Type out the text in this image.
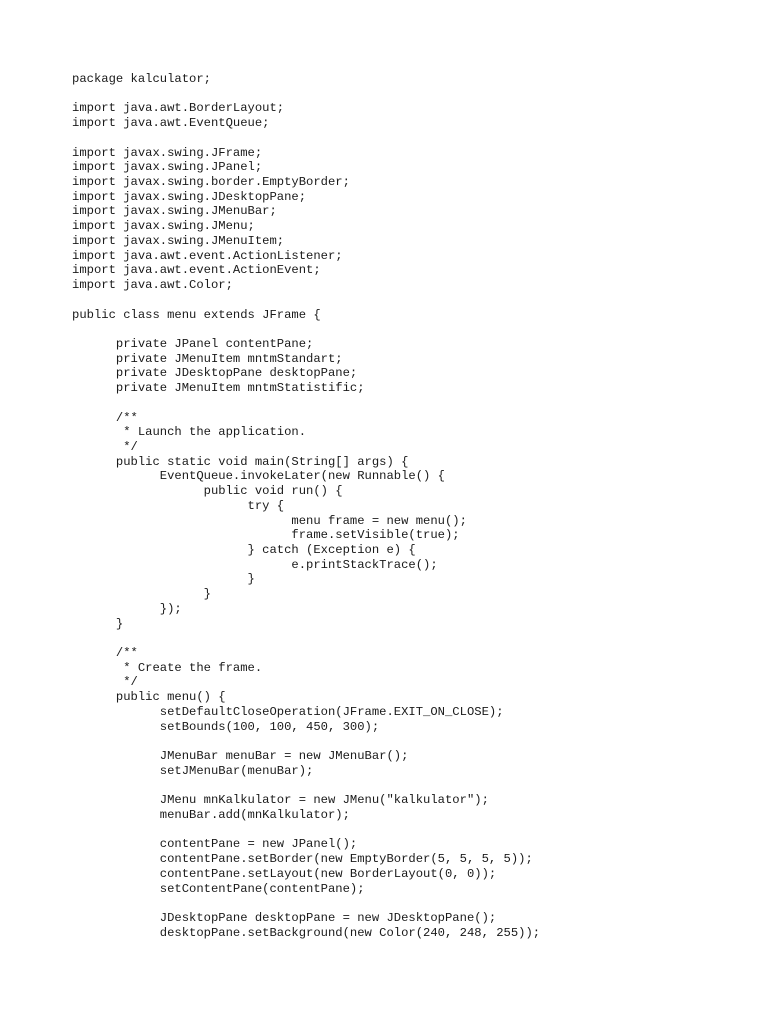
package kalculator;
import java.awt.BorderLayout;
import java.awt.EventQueue;
import javax.swing.JFrame;
import javax.swing.JPanel;
import javax.swing.border.EmptyBorder;
import javax.swing.JDesktopPane;
import javax.swing.JMenuBar;
import javax.swing.JMenu;
import javax.swing.JMenuItem;
import java.awt.event.ActionListener;
import java.awt.event.ActionEvent;
import java.awt.Color;
public class menu extends JFrame {
private JPanel contentPane;
private JMenuItem mntmStandart;
private JDesktopPane desktopPane;
private JMenuItem mntmStatistific;
/**
* Launch the application.
*/
public static void main(String[] args) {
EventQueue.invokeLater(new Runnable() {
public void run() {
try {
menu frame = new menu();
frame.setVisible(true);
} catch (Exception e) {
e.printStackTrace();
}
}
});
}
/**
* Create the frame.
*/
public menu() {
setDefaultCloseOperation(JFrame.EXIT_ON_CLOSE);
setBounds(100, 100, 450, 300);
JMenuBar menuBar = new JMenuBar();
setJMenuBar(menuBar);
JMenu mnKalkulator = new JMenu("kalkulator");
menuBar.add(mnKalkulator);
contentPane = new JPanel();
contentPane.setBorder(new EmptyBorder(5, 5, 5, 5));
contentPane.setLayout(new BorderLayout(0, 0));
setContentPane(contentPane);
JDesktopPane desktopPane = new JDesktopPane();
desktopPane.setBackground(new Color(240, 248, 255));
